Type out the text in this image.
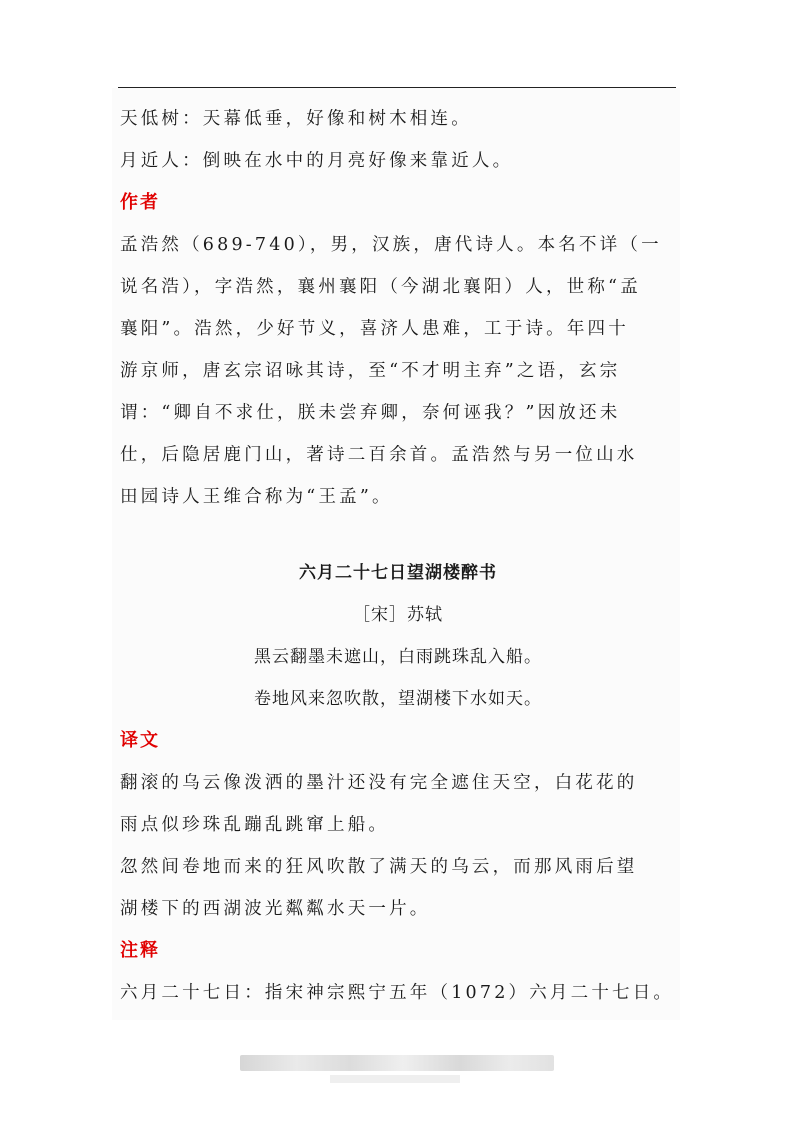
天低树：天幕低垂，好像和树木相连。
月近人：倒映在水中的月亮好像来靠近人。
作者
孟浩然（689-740），男，汉族，唐代诗人。本名不详（一
说名浩），字浩然，襄州襄阳（今湖北襄阳）人，世称“孟
襄阳”。浩然，少好节义，喜济人患难，工于诗。年四十
游京师，唐玄宗诏咏其诗，至“不才明主弃”之语，玄宗
谓：“卿自不求仕，朕未尝弃卿，奈何诬我？”因放还未
仕，后隐居鹿门山，著诗二百余首。孟浩然与另一位山水
田园诗人王维合称为“王孟”。
六月二十七日望湖楼醉书
［宋］苏轼
黑云翻墨未遮山，白雨跳珠乱入船。
卷地风来忽吹散，望湖楼下水如天。
译文
翻滚的乌云像泼洒的墨汁还没有完全遮住天空，白花花的
雨点似珍珠乱蹦乱跳窜上船。
忽然间卷地而来的狂风吹散了满天的乌云，而那风雨后望
湖楼下的西湖波光粼粼水天一片。
注释
六月二十七日：指宋神宗熙宁五年（1072）六月二十七日。
